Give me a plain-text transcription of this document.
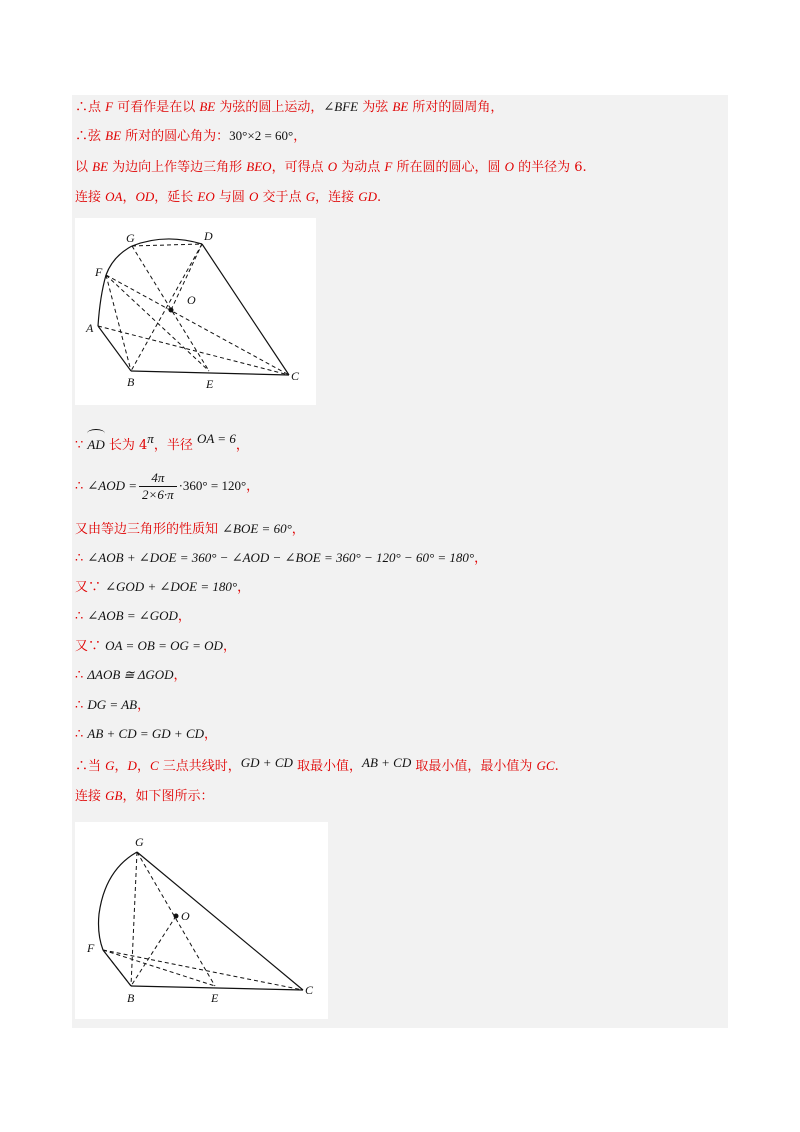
∴点 F 可看作是在以 BE 为弦的圆上运动，∠BFE 为弦 BE 所对的圆周角，
∴弦 BE 所对的圆心角为：30°×2 = 60°，
以 BE 为边向上作等边三角形 BEO，可得点 O 为动点 F 所在圆的圆心，圆 O 的半径为 6.
连接 OA，OD，延长 EO 与圆 O 交于点 G，连接 GD.
G	D
F
O
A
B	E
C
∵ AD 长为 4π，半径 OA = 6，
∴ ∠AOD = $\frac{4\pi}{2\times 6\cdot\pi} \cdot 360^\circ = 120^\circ$，
又由等边三角形的性质知 ∠BOE = 60°，
∴ ∠AOB + ∠DOE = 360° − ∠AOD − ∠BOE = 360° − 120° − 60° = 180°，
又∵ ∠GOD + ∠DOE = 180°，
∴ ∠AOB = ∠GOD，
又∵ OA = OB = OG = OD，
∴ ΔAOB ≅ ΔGOD，
∴ DG = AB，
∴ AB + CD = GD + CD，
∴当 G，D，C 三点共线时，GD + CD 取最小值，AB + CD 取最小值，最小值为 GC.
连接 GB，如下图所示：
G
O
F
B	E
C
